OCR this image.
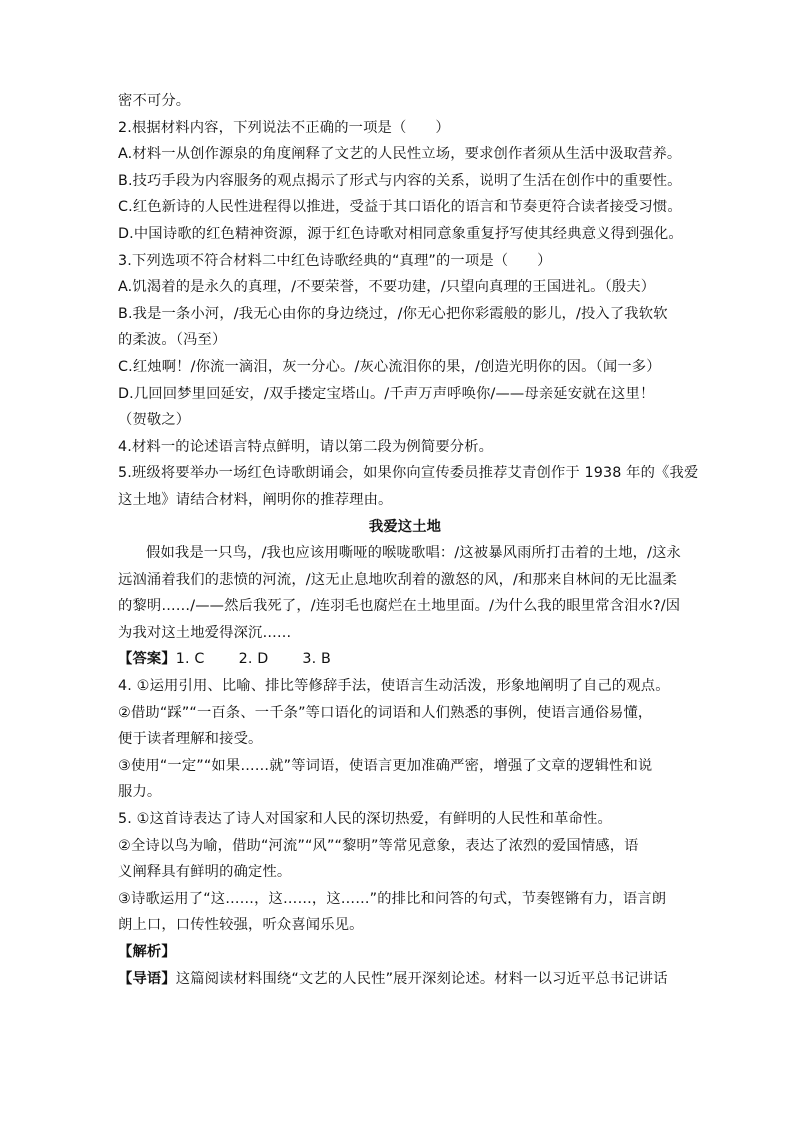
密不可分。
2.根据材料内容，下列说法不正确的一项是（　　）
A.材料一从创作源泉的角度阐释了文艺的人民性立场，要求创作者须从生活中汲取营养。
B.技巧手段为内容服务的观点揭示了形式与内容的关系，说明了生活在创作中的重要性。
C.红色新诗的人民性进程得以推进，受益于其口语化的语言和节奏更符合读者接受习惯。
D.中国诗歌的红色精神资源，源于红色诗歌对相同意象重复抒写使其经典意义得到强化。
3.下列选项不符合材料二中红色诗歌经典的“真理”的一项是（　　）
A.饥渴着的是永久的真理，/不要荣誉，不要功建，/只望向真理的王国进礼。（殷夫）
B.我是一条小河，/我无心由你的身边绕过，/你无心把你彩霞般的影儿，/投入了我软软
的柔波。（冯至）
C.红烛啊！/你流一滴泪，灰一分心。/灰心流泪你的果，/创造光明你的因。（闻一多）
D.几回回梦里回延安，/双手搂定宝塔山。/千声万声呼唤你/——母亲延安就在这里！
（贺敬之）
4.材料一的论述语言特点鲜明，请以第二段为例简要分析。
5.班级将要举办一场红色诗歌朗诵会，如果你向宣传委员推荐艾青创作于 1938 年的《我爱
这土地》请结合材料，阐明你的推荐理由。
我爱这土地
假如我是一只鸟，/我也应该用嘶哑的喉咙歌唱：/这被暴风雨所打击着的土地，/这永
远汹涌着我们的悲愤的河流，/这无止息地吹刮着的激怒的风，/和那来自林间的无比温柔
的黎明……/——然后我死了，/连羽毛也腐烂在土地里面。/为什么我的眼里常含泪水?/因
为我对这土地爱得深沉……
【答案】1. C 2. D 3. B
4. ①运用引用、比喻、排比等修辞手法，使语言生动活泼，形象地阐明了自己的观点。
②借助“踩”“一百条、一千条”等口语化的词语和人们熟悉的事例，使语言通俗易懂，
便于读者理解和接受。
③使用“一定”“如果……就”等词语，使语言更加准确严密，增强了文章的逻辑性和说
服力。
5. ①这首诗表达了诗人对国家和人民的深切热爱，有鲜明的人民性和革命性。
②全诗以鸟为喻，借助“河流”“风”“黎明”等常见意象，表达了浓烈的爱国情感，语
义阐释具有鲜明的确定性。
③诗歌运用了“这……，这……，这……”的排比和问答的句式，节奏铿锵有力，语言朗
朗上口，口传性较强，听众喜闻乐见。
【解析】
【导语】这篇阅读材料围绕“文艺的人民性”展开深刻论述。材料一以习近平总书记讲话
